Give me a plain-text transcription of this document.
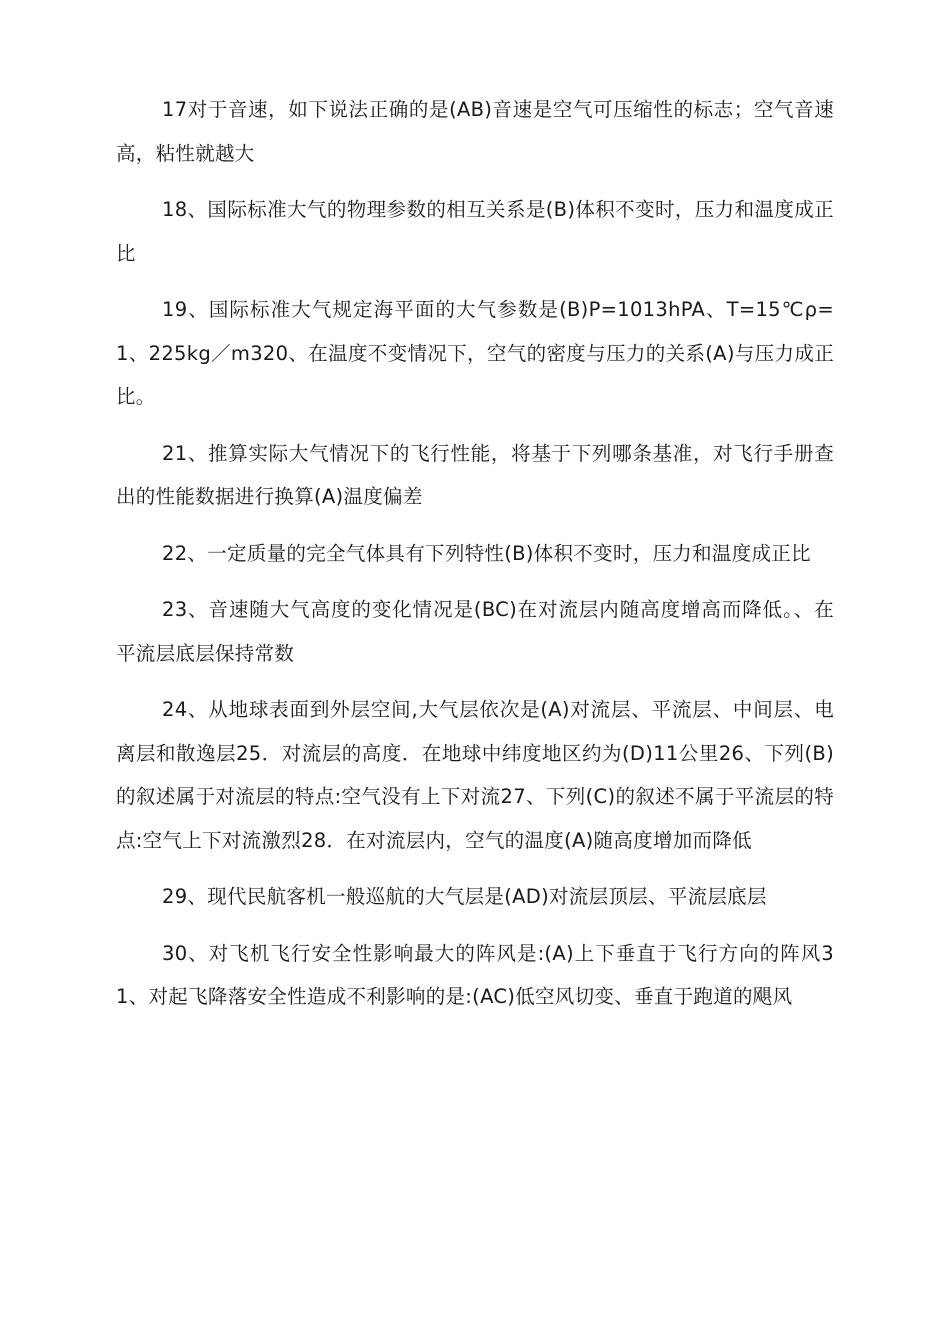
17对于音速，如下说法正确的是(AB)音速是空气可压缩性的标志；空气音速高，粘性就越大

18、国际标准大气的物理参数的相互关系是(B)体积不变时，压力和温度成正比

19、国际标准大气规定海平面的大气参数是(B)P=1013hPA、T=15℃ρ=1、225kg／m320、在温度不变情况下，空气的密度与压力的关系(A)与压力成正比。

21、推算实际大气情况下的飞行性能，将基于下列哪条基准，对飞行手册查出的性能数据进行换算(A)温度偏差

22、一定质量的完全气体具有下列特性(B)体积不变时，压力和温度成正比

23、音速随大气高度的变化情况是(BC)在对流层内随高度增高而降低。、在平流层底层保持常数

24、从地球表面到外层空间,大气层依次是(A)对流层、平流层、中间层、电离层和散逸层25．对流层的高度．在地球中纬度地区约为(D)11公里26、下列(B)的叙述属于对流层的特点:空气没有上下对流27、下列(C)的叙述不属于平流层的特点:空气上下对流激烈28．在对流层内，空气的温度(A)随高度增加而降低

29、现代民航客机一般巡航的大气层是(AD)对流层顶层、平流层底层

30、对飞机飞行安全性影响最大的阵风是:(A)上下垂直于飞行方向的阵风31、对起飞降落安全性造成不利影响的是:(AC)低空风切变、垂直于跑道的飓风
